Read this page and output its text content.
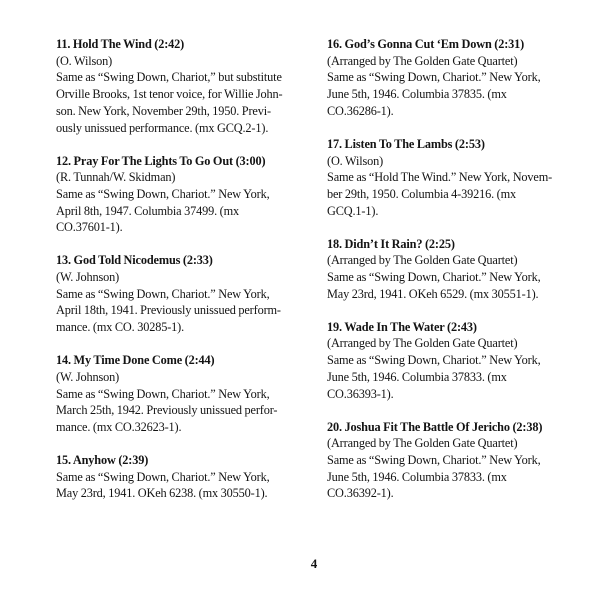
11. Hold The Wind (2:42)
(O. Wilson)
Same as “Swing Down, Chariot,” but substitute
Orville Brooks, 1st tenor voice, for Willie John-
son. New York, November 29th, 1950. Previ-
ously unissued performance. (mx GCQ.2-1).
12. Pray For The Lights To Go Out (3:00)
(R. Tunnah/W. Skidman)
Same as “Swing Down, Chariot.” New York,
April 8th, 1947. Columbia 37499. (mx
CO.37601-1).
13. God Told Nicodemus (2:33)
(W. Johnson)
Same as “Swing Down, Chariot.” New York,
April 18th, 1941. Previously unissued perform-
mance. (mx CO. 30285-1).
14. My Time Done Come (2:44)
(W. Johnson)
Same as “Swing Down, Chariot.” New York,
March 25th, 1942. Previously unissued perfor-
mance. (mx CO.32623-1).
15. Anyhow (2:39)
Same as “Swing Down, Chariot.” New York,
May 23rd, 1941. OKeh 6238. (mx 30550-1).
16. God’s Gonna Cut ‘Em Down (2:31)
(Arranged by The Golden Gate Quartet)
Same as “Swing Down, Chariot.” New York,
June 5th, 1946. Columbia 37835. (mx
CO.36286-1).
17. Listen To The Lambs (2:53)
(O. Wilson)
Same as “Hold The Wind.” New York, Novem-
ber 29th, 1950. Columbia 4-39216. (mx
GCQ.1-1).
18. Didn’t It Rain? (2:25)
(Arranged by The Golden Gate Quartet)
Same as “Swing Down, Chariot.” New York,
May 23rd, 1941. OKeh 6529. (mx 30551-1).
19. Wade In The Water (2:43)
(Arranged by The Golden Gate Quartet)
Same as “Swing Down, Chariot.” New York,
June 5th, 1946. Columbia 37833. (mx
CO.36393-1).
20. Joshua Fit The Battle Of Jericho (2:38)
(Arranged by The Golden Gate Quartet)
Same as “Swing Down, Chariot.” New York,
June 5th, 1946. Columbia 37833. (mx
CO.36392-1).
4
